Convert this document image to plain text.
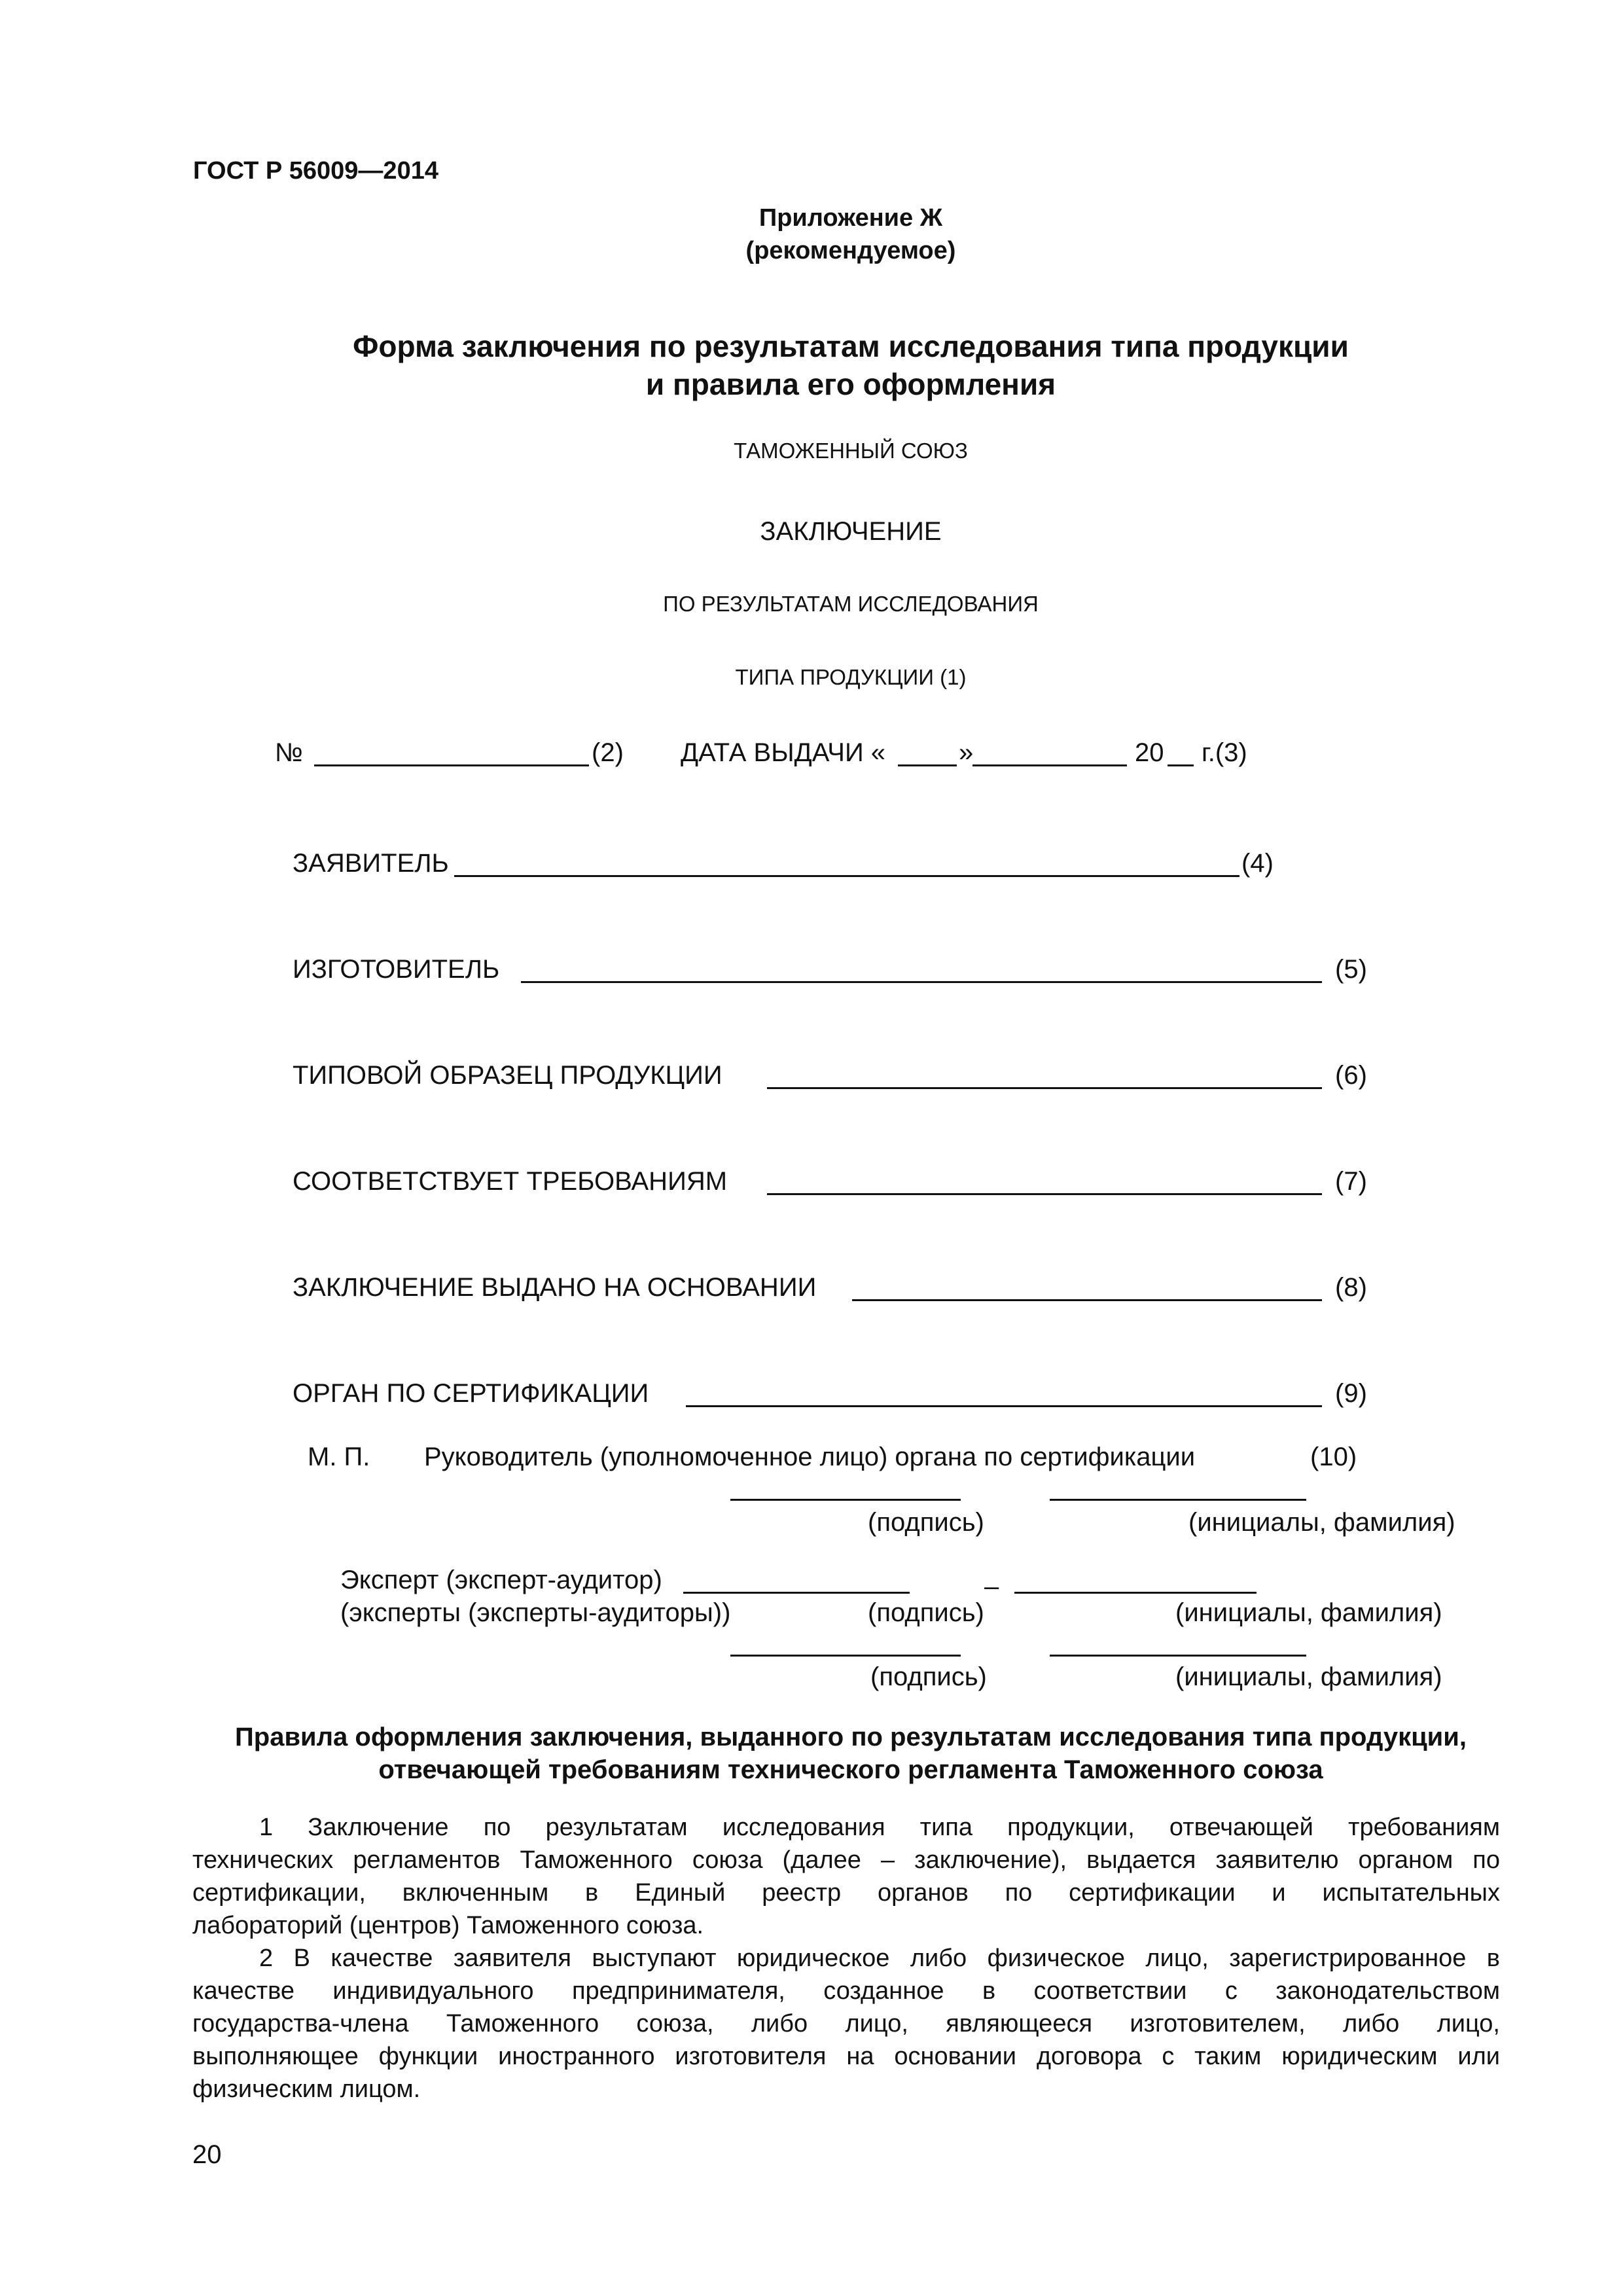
ГОСТ Р 56009—2014
Приложение Ж
(рекомендуемое)
Форма заключения по результатам исследования типа продукции
и правила его оформления
ТАМОЖЕННЫЙ СОЮЗ
ЗАКЛЮЧЕНИЕ
ПО РЕЗУЛЬТАТАМ ИССЛЕДОВАНИЯ
ТИПА ПРОДУКЦИИ (1)
№	(2) ДАТА ВЫДАЧИ «	»	20 г.(3)
ЗАЯВИТЕЛЬ	(4)
ИЗГОТОВИТЕЛЬ	(5)
ТИПОВОЙ ОБРАЗЕЦ ПРОДУКЦИИ	(6)
СООТВЕТСТВУЕТ ТРЕБОВАНИЯМ	(7)
ЗАКЛЮЧЕНИЕ ВЫДАНО НА ОСНОВАНИИ	(8)
ОРГАН ПО СЕРТИФИКАЦИИ	(9)
М. П. Руководитель (уполномоченное лицо) органа по сертификации	(10)
(подпись)	(инициалы, фамилия)
Эксперт (эксперт-аудитор)	–
(эксперты (эксперты-аудиторы))	(подпись)	(инициалы, фамилия)
(подпись)	(инициалы, фамилия)
Правила оформления заключения, выданного по результатам исследования типа продукции,
отвечающей требованиям технического регламента Таможенного союза
1 Заключение по результатам исследования типа продукции, отвечающей требованиям
технических регламентов Таможенного союза (далее – заключение), выдается заявителю органом по
сертификации, включенным в Единый реестр органов по сертификации и испытательных
лабораторий (центров) Таможенного союза.
2 В качестве заявителя выступают юридическое либо физическое лицо, зарегистрированное в
качестве индивидуального предпринимателя, созданное в соответствии с законодательством
государства-члена Таможенного союза, либо лицо, являющееся изготовителем, либо лицо,
выполняющее функции иностранного изготовителя на основании договора с таким юридическим или
физическим лицом.
20
